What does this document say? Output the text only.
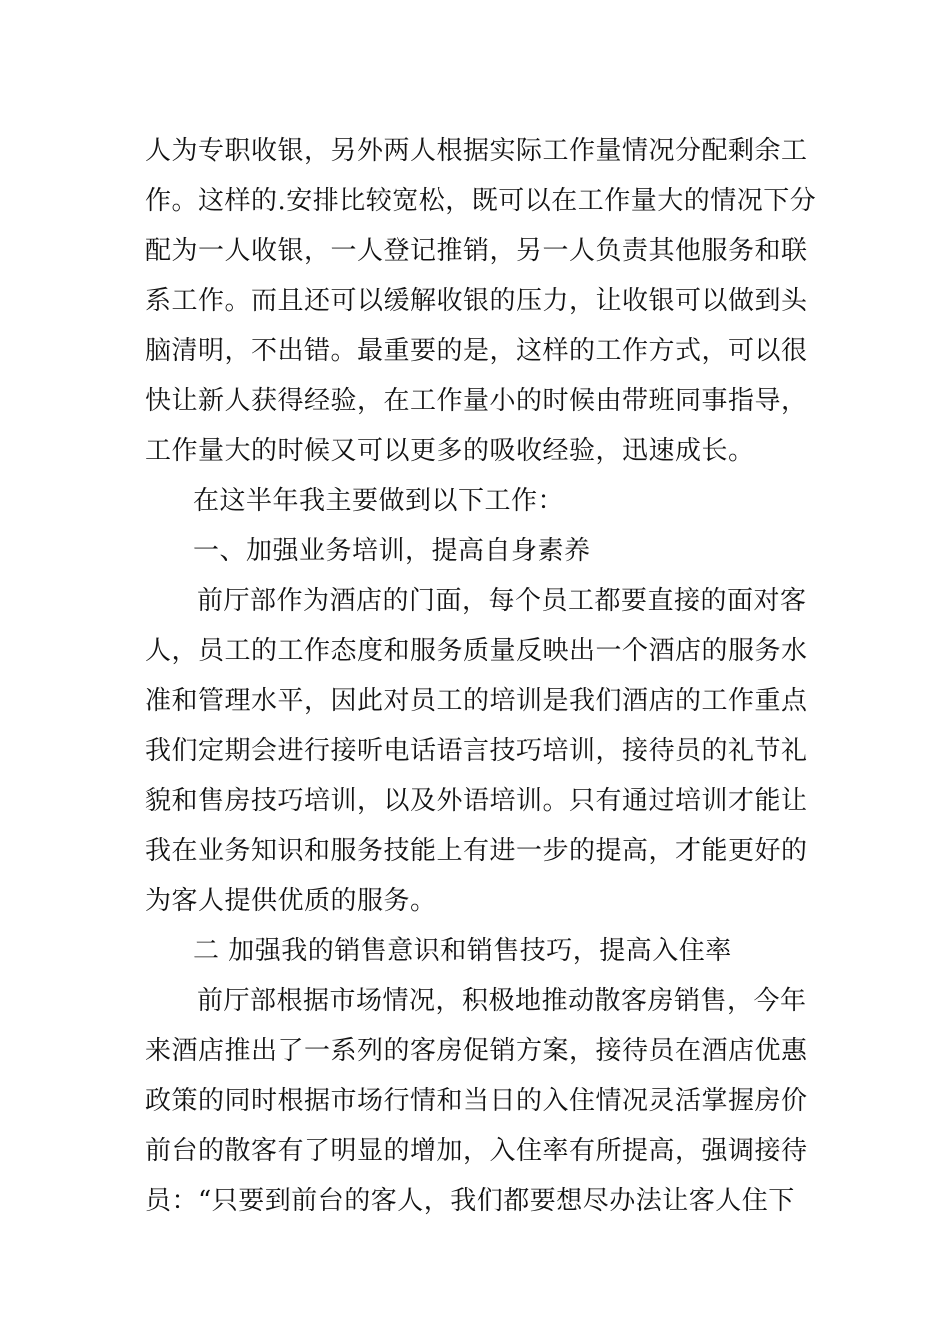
人为专职收银，另外两人根据实际工作量情况分配剩余工
作。这样的.安排比较宽松，既可以在工作量大的情况下分
配为一人收银，一人登记推销，另一人负责其他服务和联
系工作。而且还可以缓解收银的压力，让收银可以做到头
脑清明，不出错。最重要的是，这样的工作方式，可以很
快让新人获得经验，在工作量小的时候由带班同事指导，
工作量大的时候又可以更多的吸收经验，迅速成长。
在这半年我主要做到以下工作：
一、加强业务培训，提高自身素养
前厅部作为酒店的门面，每个员工都要直接的面对客
人，员工的工作态度和服务质量反映出一个酒店的服务水
准和管理水平，因此对员工的培训是我们酒店的工作重点
我们定期会进行接听电话语言技巧培训，接待员的礼节礼
貌和售房技巧培训，以及外语培训。只有通过培训才能让
我在业务知识和服务技能上有进一步的提高，才能更好的
为客人提供优质的服务。
二 加强我的销售意识和销售技巧，提高入住率
前厅部根据市场情况，积极地推动散客房销售，今年
来酒店推出了一系列的客房促销方案，接待员在酒店优惠
政策的同时根据市场行情和当日的入住情况灵活掌握房价
前台的散客有了明显的增加，入住率有所提高，强调接待
员：“只要到前台的客人，我们都要想尽办法让客人住下
